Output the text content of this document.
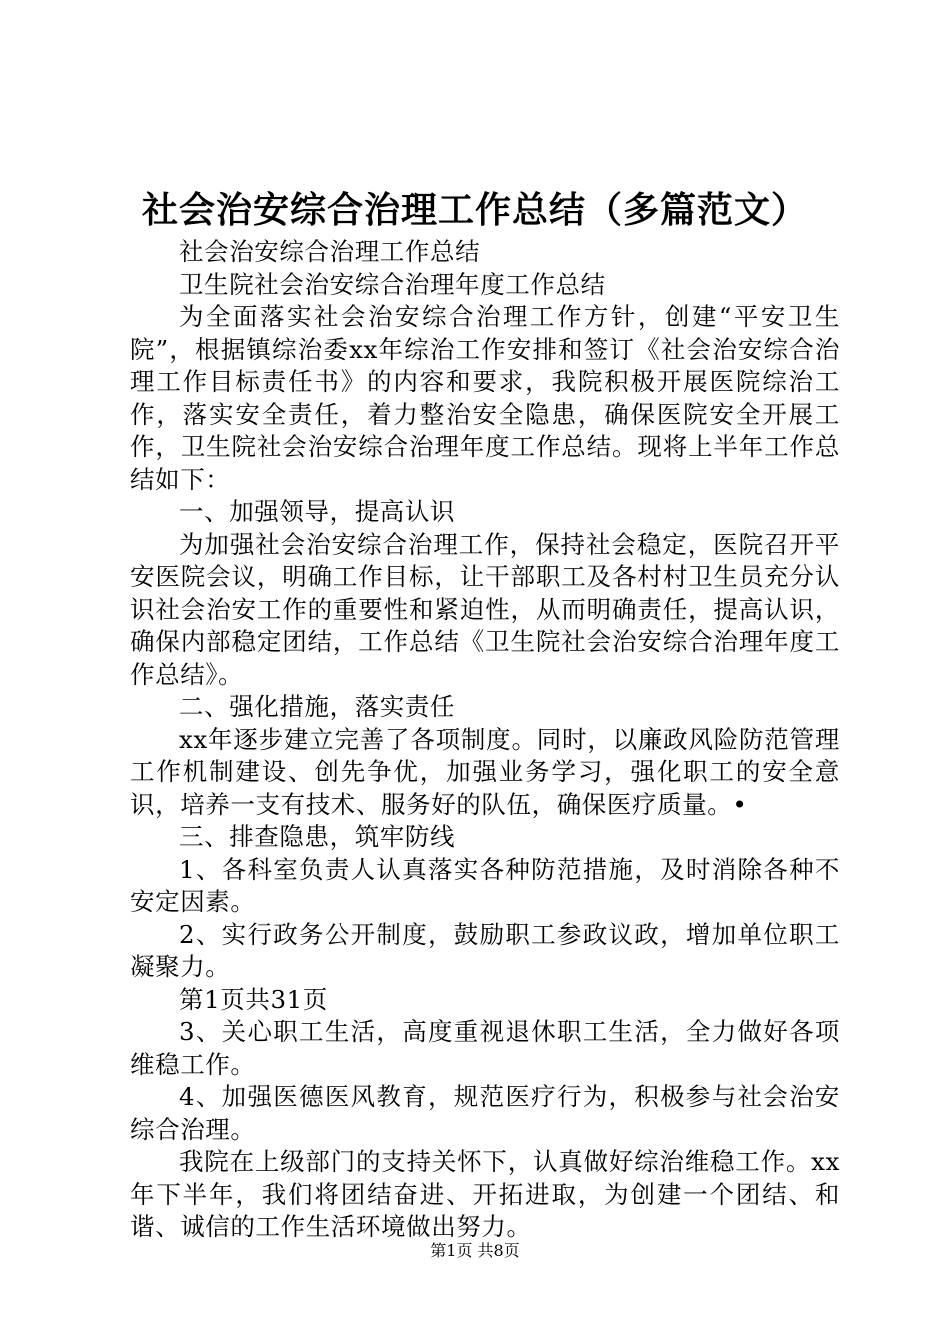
社会治安综合治理工作总结（多篇范文）

社会治安综合治理工作总结

卫生院社会治安综合治理年度工作总结

为全面落实社会治安综合治理工作方针，创建“平安卫生院”，根据镇综治委xx年综治工作安排和签订《社会治安综合治理工作目标责任书》的内容和要求，我院积极开展医院综治工作，落实安全责任，着力整治安全隐患，确保医院安全开展工作，卫生院社会治安综合治理年度工作总结。现将上半年工作总结如下：

一、加强领导，提高认识

为加强社会治安综合治理工作，保持社会稳定，医院召开平安医院会议，明确工作目标，让干部职工及各村村卫生员充分认识社会治安工作的重要性和紧迫性，从而明确责任，提高认识，确保内部稳定团结，工作总结《卫生院社会治安综合治理年度工作总结》。

二、强化措施，落实责任

xx年逐步建立完善了各项制度。同时，以廉政风险防范管理工作机制建设、创先争优，加强业务学习，强化职工的安全意识，培养一支有技术、服务好的队伍，确保医疗质量。•

三、排查隐患，筑牢防线

1、各科室负责人认真落实各种防范措施，及时消除各种不安定因素。

2、实行政务公开制度，鼓励职工参政议政，增加单位职工凝聚力。

第1页共31页

3、关心职工生活，高度重视退休职工生活，全力做好各项维稳工作。

4、加强医德医风教育，规范医疗行为，积极参与社会治安综合治理。

我院在上级部门的支持关怀下，认真做好综治维稳工作。xx年下半年，我们将团结奋进、开拓进取，为创建一个团结、和谐、诚信的工作生活环境做出努力。

第1页 共8页
